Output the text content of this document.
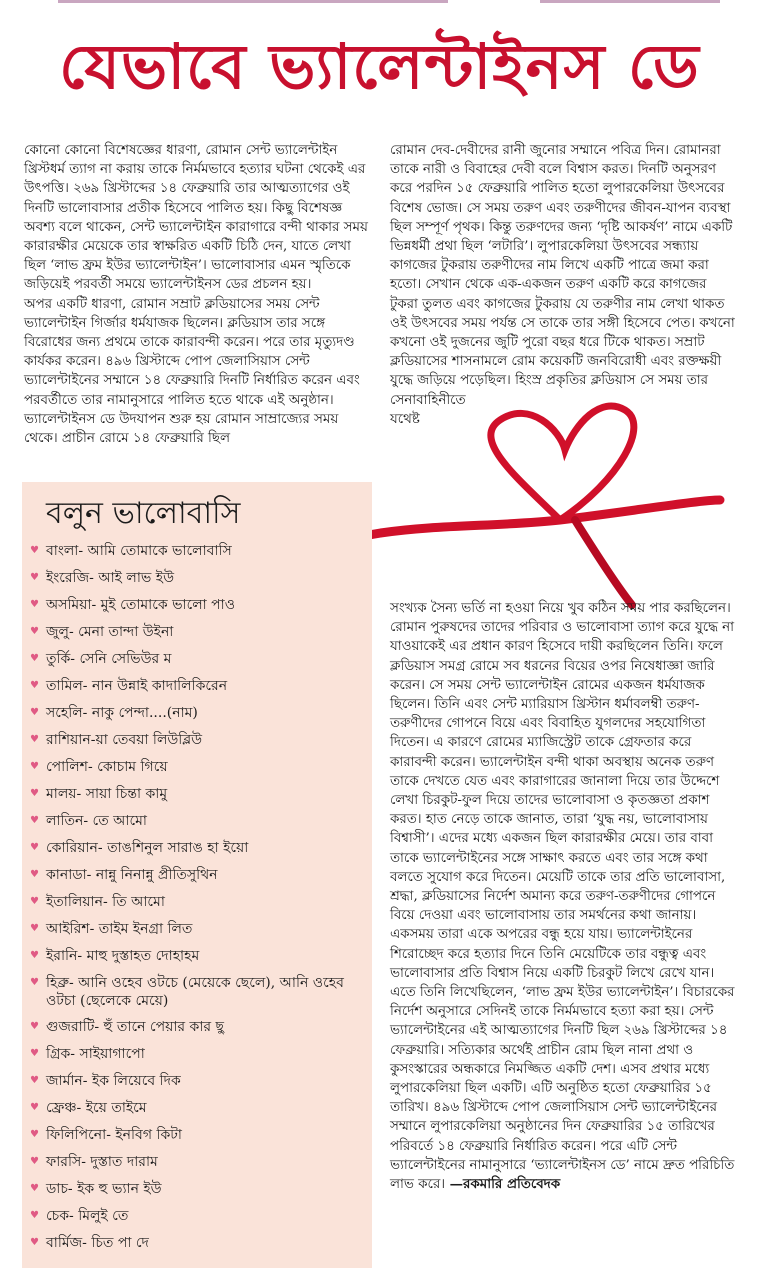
যেভাবে ভ্যালেন্টাইনস ডে

কোনো কোনো বিশেষজ্ঞের ধারণা, রোমান সেন্ট ভ্যালেন্টাইন খ্রিস্টধর্ম ত্যাগ না করায় তাকে নির্মমভাবে হত্যার ঘটনা থেকেই এর উৎপত্তি। ২৬৯ খ্রিস্টাব্দের ১৪ ফেব্রুয়ারি তার আত্মত্যাগের ওই দিনটি ভালোবাসার প্রতীক হিসেবে পালিত হয়। কিছু বিশেষজ্ঞ অবশ্য বলে থাকেন, সেন্ট ভ্যালেন্টাইন কারাগারে বন্দী থাকার সময় কারারক্ষীর মেয়েকে তার স্বাক্ষরিত একটি চিঠি দেন, যাতে লেখা ছিল ‘লাভ ফ্রম ইউর ভ্যালেন্টাইন’। ভালোবাসার এমন স্মৃতিকে জড়িয়েই পরবর্তী সময়ে ভ্যালেন্টাইনস ডের প্রচলন হয়।

অপর একটি ধারণা, রোমান সম্রাট ক্লডিয়াসের সময় সেন্ট ভ্যালেন্টাইন গির্জার ধর্মযাজক ছিলেন। ক্লডিয়াস তার সঙ্গে বিরোধের জন্য প্রথমে তাকে কারাবন্দী করেন। পরে তার মৃত্যুদণ্ড কার্যকর করেন। ৪৯৬ খ্রিস্টাব্দে পোপ জেলাসিয়াস সেন্ট ভ্যালেন্টাইনের সম্মানে ১৪ ফেব্রুয়ারি দিনটি নির্ধারিত করেন এবং পরবর্তীতে তার নামানুসারে পালিত হতে থাকে এই অনুষ্ঠান। ভ্যালেন্টাইনস ডে উদযাপন শুরু হয় রোমান সাম্রাজ্যের সময় থেকে। প্রাচীন রোমে ১৪ ফেব্রুয়ারি ছিল

রোমান দেব-দেবীদের রানী জুনোর সম্মানে পবিত্র দিন। রোমানরা তাকে নারী ও বিবাহের দেবী বলে বিশ্বাস করত। দিনটি অনুসরণ করে পরদিন ১৫ ফেব্রুয়ারি পালিত হতো লুপারকেলিয়া উৎসবের বিশেষ ভোজ। সে সময় তরুণ এবং তরুণীদের জীবন-যাপন ব্যবস্থা ছিল সম্পূর্ণ পৃথক। কিন্তু তরুণদের জন্য ‘দৃষ্টি আকর্ষণ’ নামে একটি ভিন্নধর্মী প্রথা ছিল ‘লটারি’। লুপারকেলিয়া উৎসবের সন্ধ্যায় কাগজের টুকরায় তরুণীদের নাম লিখে একটি পাত্রে জমা করা হতো। সেখান থেকে এক-একজন তরুণ একটি করে কাগজের টুকরা তুলত এবং কাগজের টুকরায় যে তরুণীর নাম লেখা থাকত ওই উৎসবের সময় পর্যন্ত সে তাকে তার সঙ্গী হিসেবে পেত। কখনো কখনো ওই দুজনের জুটি পুরো বছর ধরে টিকে থাকত। সম্রাট ক্লডিয়াসের শাসনামলে রোম কয়েকটি জনবিরোধী এবং রক্তক্ষয়ী যুদ্ধে জড়িয়ে পড়েছিল। হিংস্র প্রকৃতির ক্লডিয়াস সে সময় তার

সেনাবাহিনীতে

যথেষ্ট

সংখ্যক সৈন্য ভর্তি না হওয়া নিয়ে খুব কঠিন সময় পার করছিলেন। রোমান পুরুষদের তাদের পরিবার ও ভালোবাসা ত্যাগ করে যুদ্ধে না যাওয়াকেই এর প্রধান কারণ হিসেবে দায়ী করছিলেন তিনি। ফলে ক্লডিয়াস সমগ্র রোমে সব ধরনের বিয়ের ওপর নিষেধাজ্ঞা জারি করেন। সে সময় সেন্ট ভ্যালেন্টাইন রোমের একজন ধর্মযাজক ছিলেন। তিনি এবং সেন্ট ম্যারিয়াস খ্রিস্টান ধর্মাবলম্বী তরুণ-তরুণীদের গোপনে বিয়ে এবং বিবাহিত যুগলদের সহযোগিতা দিতেন। এ কারণে রোমের ম্যাজিস্ট্রেট তাকে গ্রেফতার করে কারাবন্দী করেন। ভ্যালেন্টাইন বন্দী থাকা অবস্থায় অনেক তরুণ তাকে দেখতে যেত এবং কারাগারের জানালা দিয়ে তার উদ্দেশে লেখা চিরকুট-ফুল দিয়ে তাদের ভালোবাসা ও কৃতজ্ঞতা প্রকাশ করত। হাত নেড়ে তাকে জানাত, তারা ‘যুদ্ধ নয়, ভালোবাসায় বিশ্বাসী’। এদের মধ্যে একজন ছিল কারারক্ষীর মেয়ে। তার বাবা তাকে ভ্যালেন্টাইনের সঙ্গে সাক্ষাৎ করতে এবং তার সঙ্গে কথা বলতে সুযোগ করে দিতেন। মেয়েটি তাকে তার প্রতি ভালোবাসা, শ্রদ্ধা, ক্লডিয়াসের নির্দেশ অমান্য করে তরুণ-তরুণীদের গোপনে বিয়ে দেওয়া এবং ভালোবাসায় তার সমর্থনের কথা জানায়। একসময় তারা একে অপরের বন্ধু হয়ে যায়। ভ্যালেন্টাইনের শিরোচ্ছেদ করে হত্যার দিনে তিনি মেয়েটিকে তার বন্ধুত্ব এবং ভালোবাসার প্রতি বিশ্বাস নিয়ে একটি চিরকুট লিখে রেখে যান। এতে তিনি লিখেছিলেন, ‘লাভ ফ্রম ইউর ভ্যালেন্টাইন’। বিচারকের নির্দেশ অনুসারে সেদিনই তাকে নির্মমভাবে হত্যা করা হয়। সেন্ট ভ্যালেন্টাইনের এই আত্মত্যাগের দিনটি ছিল ২৬৯ খ্রিস্টাব্দের ১৪ ফেব্রুয়ারি। সত্যিকার অর্থেই প্রাচীন রোম ছিল নানা প্রথা ও কুসংস্কারের অন্ধকারে নিমজ্জিত একটি দেশ। এসব প্রথার মধ্যে লুপারকেলিয়া ছিল একটি। এটি অনুষ্ঠিত হতো ফেব্রুয়ারির ১৫ তারিখ। ৪৯৬ খ্রিস্টাব্দে পোপ জেলাসিয়াস সেন্ট ভ্যালেন্টাইনের সম্মানে লুপারকেলিয়া অনুষ্ঠানের দিন ফেব্রুয়ারির ১৫ তারিখের পরিবর্তে ১৪ ফেব্রুয়ারি নির্ধারিত করেন। পরে এটি সেন্ট ভ্যালেন্টাইনের নামানুসারে ‘ভ্যালেন্টাইনস ডে’ নামে দ্রুত পরিচিতি লাভ করে। —রকমারি প্রতিবেদক

বলুন ভালোবাসি
♥ বাংলা- আমি তোমাকে ভালোবাসি
♥ ইংরেজি- আই লাভ ইউ
♥ অসমিয়া- মুই তোমাকে ভালো পাও
♥ জুলু- মেনা তান্দা উইনা
♥ তুর্কি- সেনি সেভিউর ম
♥ তামিল- নান উন্নাই কাদালিকিরেন
♥ সহেলি- নাকু পেন্দা....(নাম)
♥ রাশিয়ান-য়া তেবয়া লিউব্লিউ
♥ পোলিশ- কোচাম গিয়ে
♥ মালয়- সায়া চিন্তা কামু
♥ লাতিন- তে আমো
♥ কোরিয়ান- তাঙশিনুল সারাঙ হা ইয়ো
♥ কানাডা- নান্নু নিনান্নু প্রীতিসুথিন
♥ ইতালিয়ান- তি আমো
♥ আইরিশ- তাইম ইনগ্রা লিত
♥ ইরানি- মাহু দুস্তাহত দোহাহম
♥ হিব্রু- আনি ওহেব ওটচে (মেয়েকে ছেলে), আনি ওহেব ওটচা (ছেলেকে মেয়ে)
♥ গুজরাটি- হুঁ তানে পেয়ার কার ছু
♥ গ্রিক- সাইয়াগাপো
♥ জার্মান- ইক লিয়েবে দিক
♥ ফ্রেঞ্চ- ইয়ে তাইমে
♥ ফিলিপিনো- ইনবিগ কিটা
♥ ফারসি- দুস্তাত দারাম
♥ ডাচ- ইক হু ভ্যান ইউ
♥ চেক- মিলুই তে
♥ বার্মিজ- চিত পা দে
